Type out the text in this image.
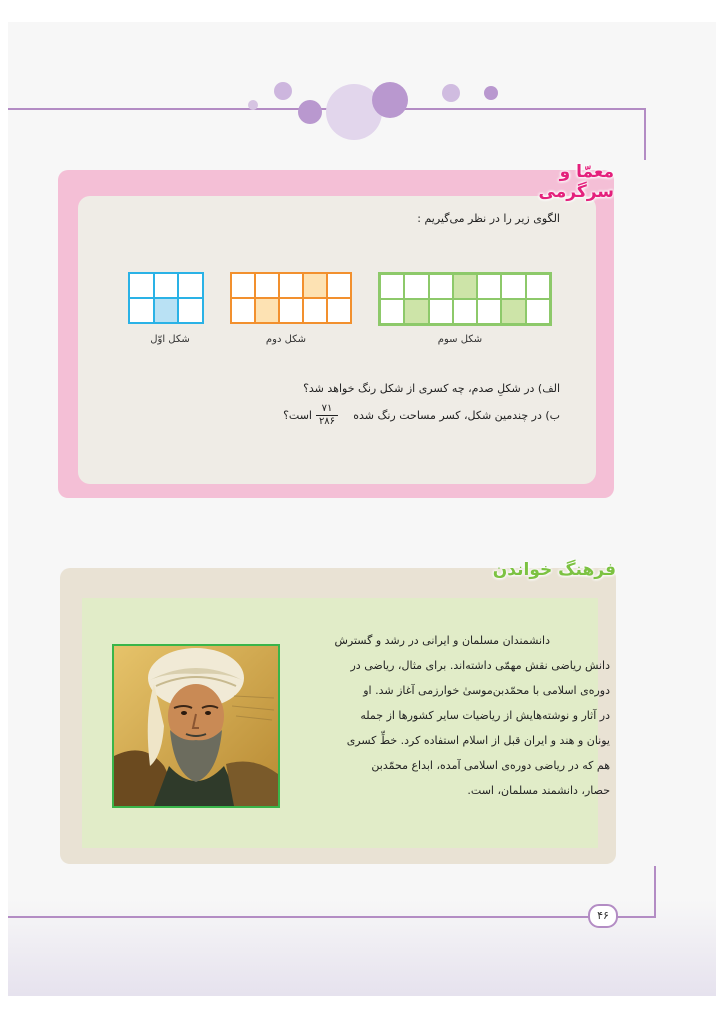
معمّا و سرگرمی
الگوی زیر را در نظر می‌گیریم :
شکل اوّل	شکل دوم	شکل سوم
الف) در شکلِ صدم، چه کسری از شکل رنگ خواهد شد؟
ب) در چندمین شکل، کسر مساحت رنگ شده
۷۱
۲۸۶
است؟
فرهنگ خواندن
دانشمندان مسلمان و ایرانی در رشد و گسترش
دانش ریاضی نقش مهمّی داشته‌اند. برای مثال، ریاضی در
دوره‌ی اسلامی با محمّدبن‌موسیٰ خوارزمی آغاز شد. او
در آثار و نوشته‌هایش از ریاضیات سایر کشورها از جمله
یونان و هند و ایران قبل از اسلام استفاده کرد. خطِّ کسری
هم که در ریاضی دوره‌ی اسلامی آمده، ابداع محمّدبن
حصار، دانشمند مسلمان، است.
۴۶
